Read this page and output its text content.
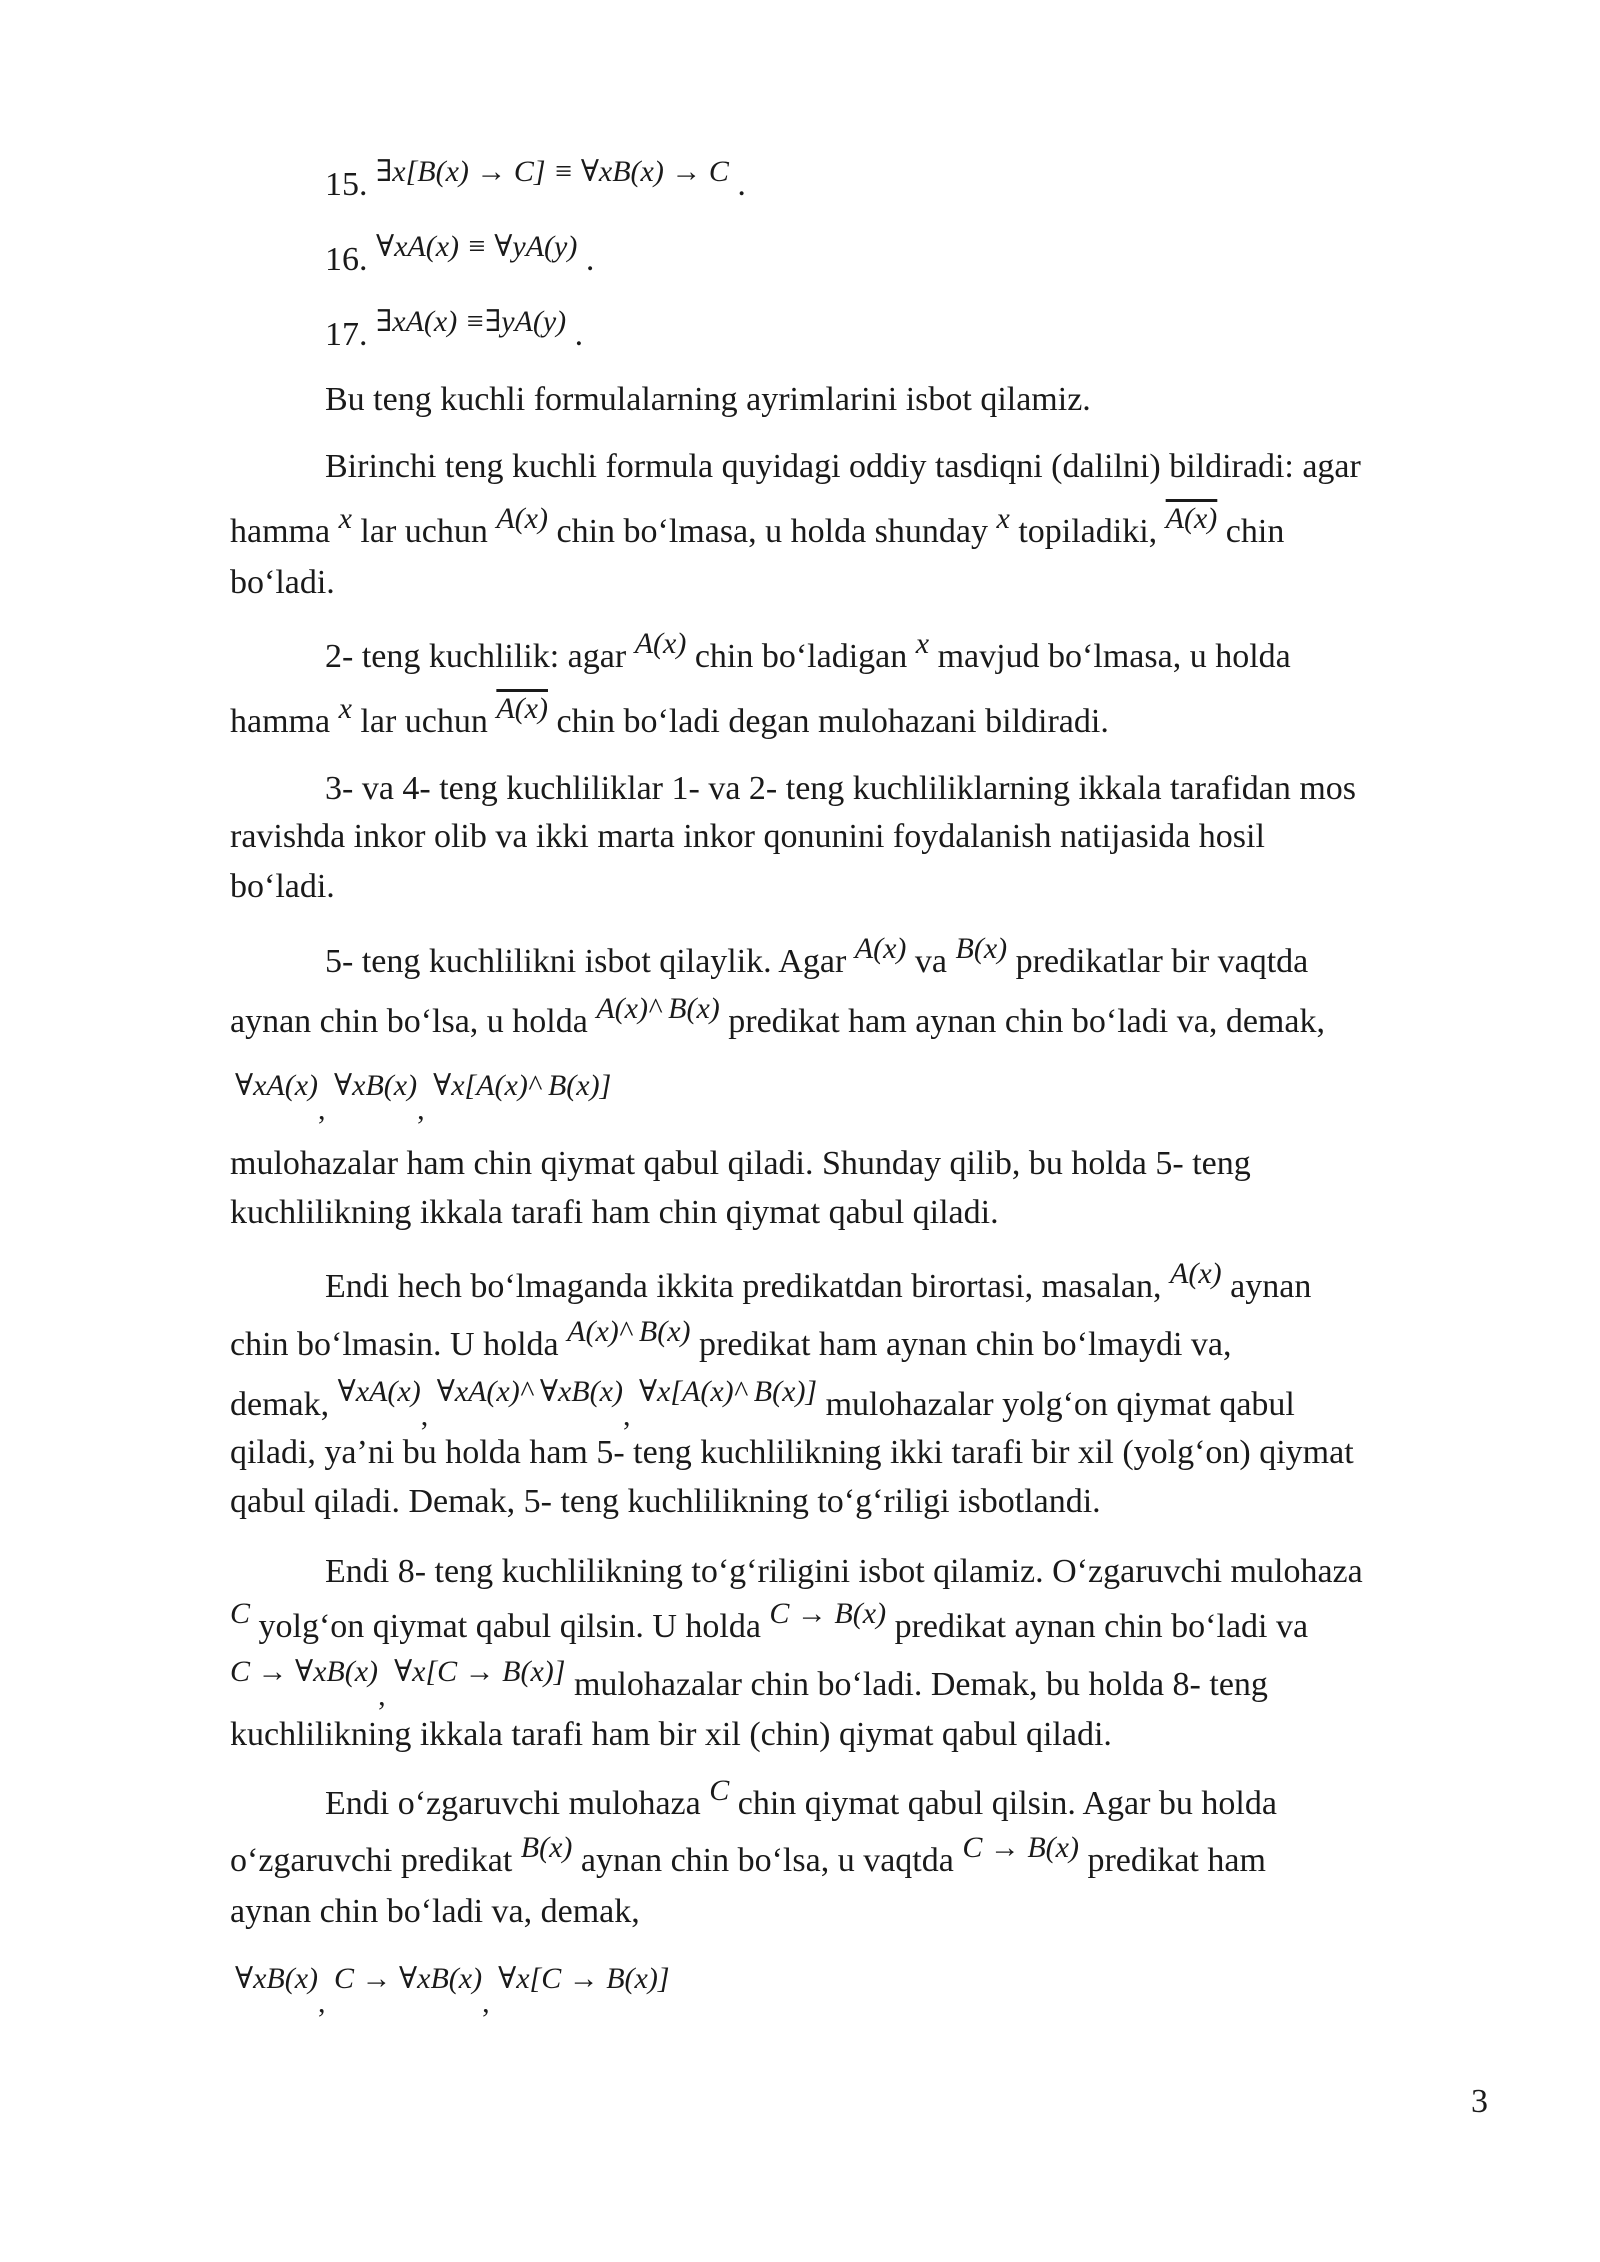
15. ∃x[B(x) → C] ≡ ∀xB(x) → C .
16. ∀xA(x) ≡ ∀yA(y) .
17. ∃xA(x) ≡∃yA(y) .
Bu teng kuchli formulalarning ayrimlarini isbot qilamiz.
Birinchi teng kuchli formula quyidagi oddiy tasdiqni (dalilni) bildiradi: agar
hamma x lar uchun A(x) chin bo‘lmasa, u holda shunday x topiladiki, A(x) chin
bo‘ladi.
2- teng kuchlilik: agar A(x) chin bo‘ladigan x mavjud bo‘lmasa, u holda
hamma x lar uchun A(x) chin bo‘ladi degan mulohazani bildiradi.
3- va 4- teng kuchliliklar 1- va 2- teng kuchliliklarning ikkala tarafidan mos
ravishda inkor olib va ikki marta inkor qonunini foydalanish natijasida hosil
bo‘ladi.
5- teng kuchlilikni isbot qilaylik. Agar A(x) va B(x) predikatlar bir vaqtda
aynan chin bo‘lsa, u holda A(x)^ B(x) predikat ham aynan chin bo‘ladi va, demak,
∀xA(x), ∀xB(x), ∀x[A(x)^ B(x)]
mulohazalar ham chin qiymat qabul qiladi. Shunday qilib, bu holda 5- teng
kuchlilikning ikkala tarafi ham chin qiymat qabul qiladi.
Endi hech bo‘lmaganda ikkita predikatdan birortasi, masalan, A(x) aynan
chin bo‘lmasin. U holda A(x)^ B(x) predikat ham aynan chin bo‘lmaydi va,
demak, ∀xA(x), ∀xA(x)^ ∀xB(x), ∀x[A(x)^ B(x)] mulohazalar yolg‘on qiymat qabul
qiladi, ya’ni bu holda ham 5- teng kuchlilikning ikki tarafi bir xil (yolg‘on) qiymat
qabul qiladi. Demak, 5- teng kuchlilikning to‘g‘riligi isbotlandi.
Endi 8- teng kuchlilikning to‘g‘riligini isbot qilamiz. O‘zgaruvchi mulohaza
C yolg‘on qiymat qabul qilsin. U holda C → B(x) predikat aynan chin bo‘ladi va
C → ∀xB(x), ∀x[C → B(x)] mulohazalar chin bo‘ladi. Demak, bu holda 8- teng
kuchlilikning ikkala tarafi ham bir xil (chin) qiymat qabul qiladi.
Endi o‘zgaruvchi mulohaza C chin qiymat qabul qilsin. Agar bu holda
o‘zgaruvchi predikat B(x) aynan chin bo‘lsa, u vaqtda C → B(x) predikat ham
aynan chin bo‘ladi va, demak,
∀xB(x), C → ∀xB(x), ∀x[C → B(x)]
3
